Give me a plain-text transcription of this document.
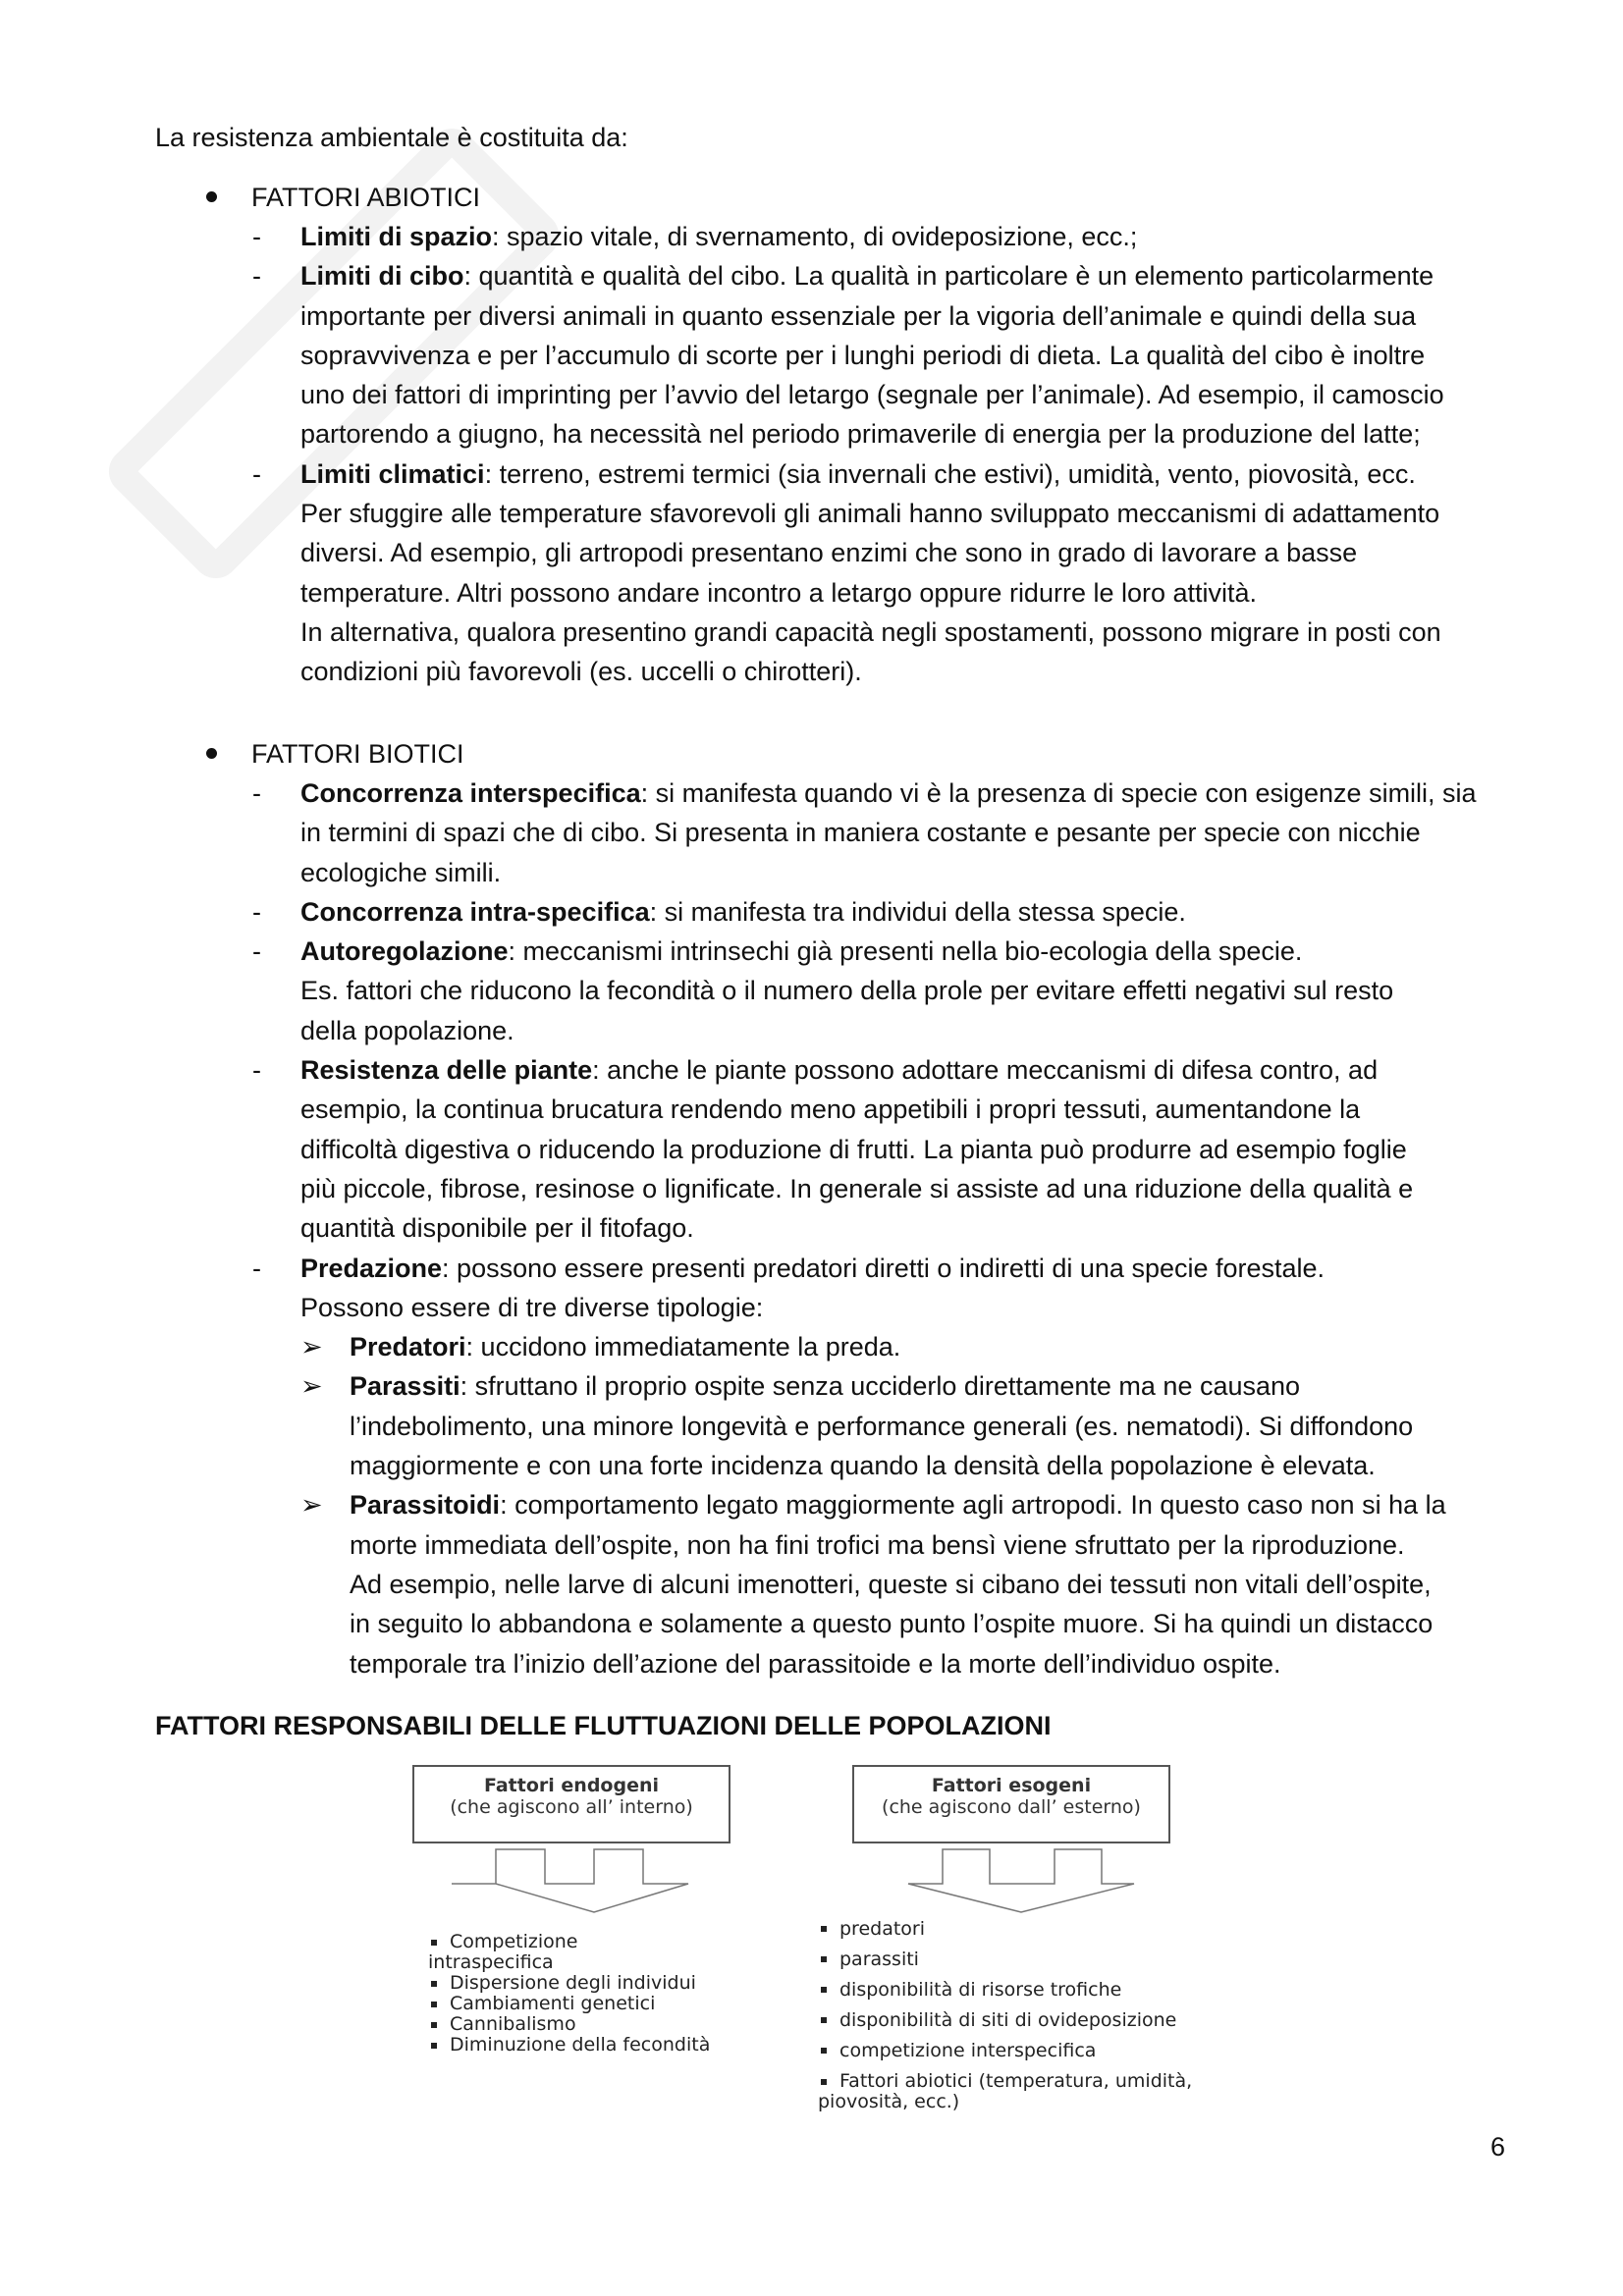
La resistenza ambientale è costituita da:
FATTORI ABIOTICI
- Limiti di spazio: spazio vitale, di svernamento, di ovideposizione, ecc.;
- Limiti di cibo: quantità e qualità del cibo. La qualità in particolare è un elemento particolarmente
importante per diversi animali in quanto essenziale per la vigoria dell’animale e quindi della sua
sopravvivenza e per l’accumulo di scorte per i lunghi periodi di dieta. La qualità del cibo è inoltre
uno dei fattori di imprinting per l’avvio del letargo (segnale per l’animale). Ad esempio, il camoscio
partorendo a giugno, ha necessità nel periodo primaverile di energia per la produzione del latte;
- Limiti climatici: terreno, estremi termici (sia invernali che estivi), umidità, vento, piovosità, ecc.
Per sfuggire alle temperature sfavorevoli gli animali hanno sviluppato meccanismi di adattamento
diversi. Ad esempio, gli artropodi presentano enzimi che sono in grado di lavorare a basse
temperature. Altri possono andare incontro a letargo oppure ridurre le loro attività.
In alternativa, qualora presentino grandi capacità negli spostamenti, possono migrare in posti con
condizioni più favorevoli (es. uccelli o chirotteri).
FATTORI BIOTICI
- Concorrenza interspecifica: si manifesta quando vi è la presenza di specie con esigenze simili, sia
in termini di spazi che di cibo. Si presenta in maniera costante e pesante per specie con nicchie
ecologiche simili.
- Concorrenza intra-specifica: si manifesta tra individui della stessa specie.
- Autoregolazione: meccanismi intrinsechi già presenti nella bio-ecologia della specie.
Es. fattori che riducono la fecondità o il numero della prole per evitare effetti negativi sul resto
della popolazione.
- Resistenza delle piante: anche le piante possono adottare meccanismi di difesa contro, ad
esempio, la continua brucatura rendendo meno appetibili i propri tessuti, aumentandone la
difficoltà digestiva o riducendo la produzione di frutti. La pianta può produrre ad esempio foglie
più piccole, fibrose, resinose o lignificate. In generale si assiste ad una riduzione della qualità e
quantità disponibile per il fitofago.
- Predazione: possono essere presenti predatori diretti o indiretti di una specie forestale.
Possono essere di tre diverse tipologie:
➢ Predatori: uccidono immediatamente la preda.
➢ Parassiti: sfruttano il proprio ospite senza ucciderlo direttamente ma ne causano
l’indebolimento, una minore longevità e performance generali (es. nematodi). Si diffondono
maggiormente e con una forte incidenza quando la densità della popolazione è elevata.
➢ Parassitoidi: comportamento legato maggiormente agli artropodi. In questo caso non si ha la
morte immediata dell’ospite, non ha fini trofici ma bensì viene sfruttato per la riproduzione.
Ad esempio, nelle larve di alcuni imenotteri, queste si cibano dei tessuti non vitali dell’ospite,
in seguito lo abbandona e solamente a questo punto l’ospite muore. Si ha quindi un distacco
temporale tra l’inizio dell’azione del parassitoide e la morte dell’individuo ospite.
FATTORI RESPONSABILI DELLE FLUTTUAZIONI DELLE POPOLAZIONI
Fattori endogeni
(che agiscono all’ interno)
Fattori esogeni
(che agiscono dall’ esterno)
Competizione
intraspecifica
Dispersione degli individui
Cambiamenti genetici
Cannibalismo
Diminuzione della fecondità
predatori
parassiti
disponibilità di risorse trofiche
disponibilità di siti di ovideposizione
competizione interspecifica
Fattori abiotici (temperatura, umidità,
piovosità, ecc.)
6
